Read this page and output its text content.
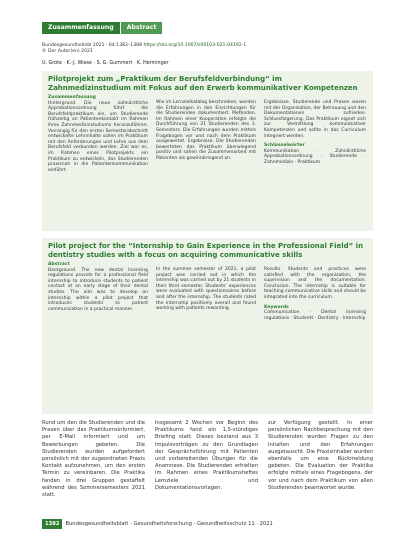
Zusammenfassung	Abstract
Bundesgesundheitsbl 2021 · 64:1382–1388 https://doi.org/10.1007/s00103-021-04192-1
© Der Autor(en) 2021
U. Grote · K.-J. Wiese · S. G. Gummert · K. Herminger
Pilotprojekt zum „Praktikum der Berufsfeldverbindung“ im Zahnmedizinstudium mit Fokus auf den Erwerb kommunikativer Kompetenzen
Zusammenfassung
Hintergrund. Die neue zahnärztliche Approbationsordnung führt die Berufsfeldpraktikum ein, um Studierende frühzeitig an Patientenkontakt im Rahmen ihres Zahnmedizinstudiums heranzuführen. Vorrangig für den ersten Semesterabschnitt entwickelte Lehrinhalte sollen im Praktikum mit den Anforderungen und Lehre aus dem Berufsfeld verbunden werden. Ziel war es, im Rahmen eines Pilotprojekts ein Praktikum zu entwickeln, das Studierenden praxisnah in die Patientenkommunikation einführt.
Wie im Lernzielkatalog beschrieben, werden die Erfahrungen in den Einrichtungen für die Studierenden dokumentiert. Methoden. Im Rahmen einer Kooperation erfolgte die Durchführung von 21 Studierenden des 3. Semesters. Die Erfahrungen wurden mittels Fragebogen vor und nach dem Praktikum ausgewertet. Ergebnisse. Die Studierenden bewerteten das Praktikum überwiegend positiv und sahen die Zusammenarbeit mit Patienten als gewinnbringend an.
Ergebnisse. Studierende und Praxen waren mit der Organisation, der Betreuung und den Dokumentationen zufrieden. Schlussfolgerung. Das Praktikum eignet sich zur Vermittlung kommunikativer Kompetenzen und sollte in das Curriculum integriert werden.
Schlüsselwörter
Kommunikation · Zahnärztliche Approbationsordnung · Studierende · Zahnmedizin · Praktikum
Pilot project for the “Internship to Gain Experience in the Professional Field” in dentistry studies with a focus on acquiring communicative skills
Abstract
Background. The new dental licensing regulations provide for a professional field internship to introduce students to patient contact at an early stage of their dental studies. The aim was to develop an internship within a pilot project that introduces students to patient communication in a practical manner.
In the summer semester of 2021, a pilot project was carried out in which the internship was carried out by 21 students in their third semester. Students' experiences were evaluated with questionnaires before and after the internship. The students rated the internship positively overall and found working with patients rewarding.
Results. Students and practices were satisfied with the organization, the supervision and the documentation. Conclusion. The internship is suitable for teaching communicative skills and should be integrated into the curriculum.
Keywords
Communication · Dental licensing regulations · Students · Dentistry · Internship
Rund um den die Studierenden und die Praxen über das Praktikumsinformiert, per E-Mail informiert und um Bewerbungen gebeten. Die Studierenden wurden aufgefordert persönlich mit der zugeordneten Praxis Kontakt aufzunehmen, um den ersten Termin zu vereinbaren. Die Praktika fanden in drei Gruppen gestaffelt während des Sommersemesters 2021 statt.
Insgesamt 2 Wochen vor Beginn des Praktikums fand ein 1,5-stündiges Briefing statt. Dieses bestand aus 3 Impulsvorträgen zu den Grundlagen der Gesprächsführung mit Patienten und vorbereitenden Übungen für die Anamnese. Die Studierenden erhielten im Rahmen eines Praktikumsheftes Lernziele und Dokumentationsvorlagen.
zur Verfügung gestellt. In einer persönlichen Nachbesprechung mit den Studierenden wurden Fragen zu den Inhalten und den Erfahrungen ausgetauscht. Die Praxisinhaber wurden ebenfalls um eine Rückmeldung gebeten. Die Evaluation der Praktika erfolgte mittels eines Fragebogens, der vor und nach dem Praktikum von allen Studierenden beantwortet wurde.
1382	Bundesgesundheitsblatt - Gesundheitsforschung - Gesundheitsschutz 11 · 2021
